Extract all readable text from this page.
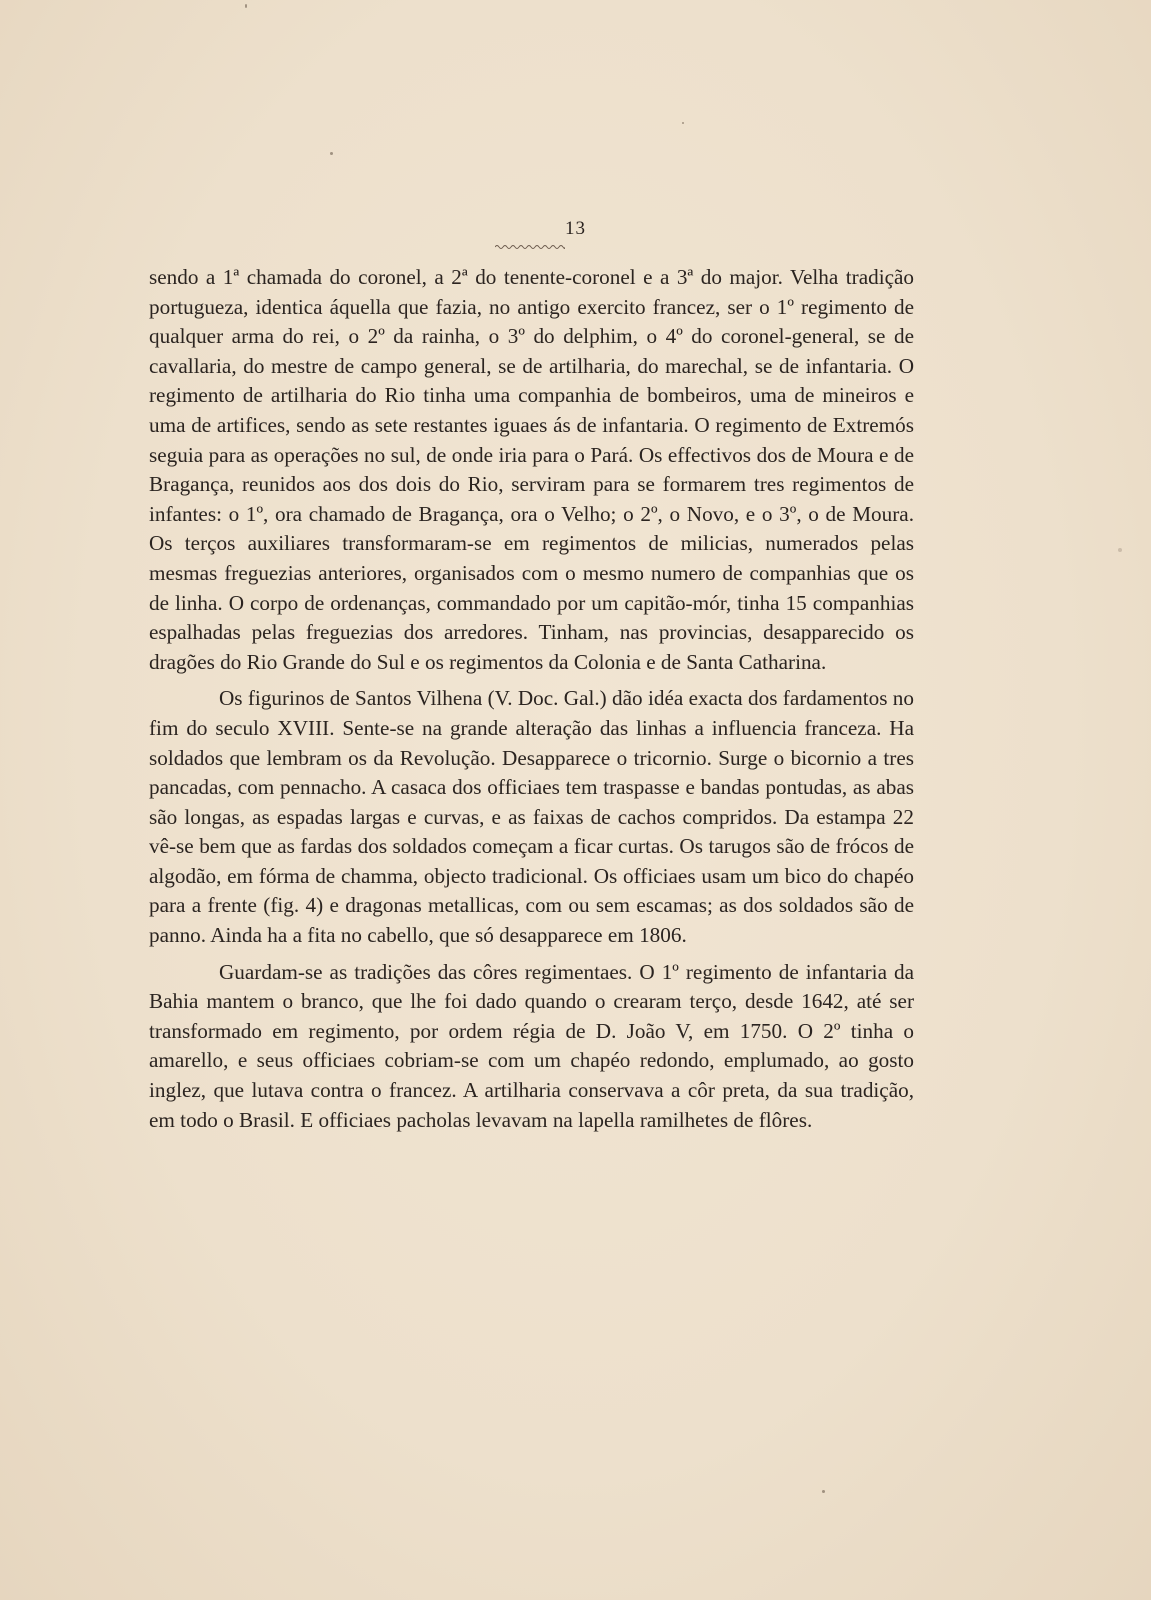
13

sendo a 1ª chamada do coronel, a 2ª do tenente-coronel e a 3ª do major. Velha tradição portugueza, identica áquella que fazia, no antigo exercito francez, ser o 1º regimento de qualquer arma do rei, o 2º da rainha, o 3º do delphim, o 4º do coronel-general, se de cavallaria, do mestre de campo general, se de artilharia, do marechal, se de infantaria. O regimento de artilharia do Rio tinha uma companhia de bombeiros, uma de mineiros e uma de artifices, sendo as sete restantes iguaes ás de infantaria. O regimento de Extremós seguia para as operações no sul, de onde iria para o Pará. Os effectivos dos de Moura e de Bragança, reunidos aos dos dois do Rio, serviram para se formarem tres regimentos de infantes: o 1º, ora chamado de Bragança, ora o Velho; o 2º, o Novo, e o 3º, o de Moura. Os terços auxiliares transformaram-se em regimentos de milicias, numerados pelas mesmas freguezias anteriores, organisados com o mesmo numero de companhias que os de linha. O corpo de ordenanças, commandado por um capitão-mór, tinha 15 companhias espalhadas pelas freguezias dos arredores. Tinham, nas provincias, desapparecido os dragões do Rio Grande do Sul e os regimentos da Colonia e de Santa Catharina.

Os figurinos de Santos Vilhena (V. Doc. Gal.) dão idéa exacta dos fardamentos no fim do seculo XVIII. Sente-se na grande alteração das linhas a influencia franceza. Ha soldados que lembram os da Revolução. Desapparece o tricornio. Surge o bicornio a tres pancadas, com pennacho. A casaca dos officiaes tem traspasse e bandas pontudas, as abas são longas, as espadas largas e curvas, e as faixas de cachos compridos. Da estampa 22 vê-se bem que as fardas dos soldados começam a ficar curtas. Os tarugos são de frócos de algodão, em fórma de chamma, objecto tradicional. Os officiaes usam um bico do chapéo para a frente (fig. 4) e dragonas metallicas, com ou sem escamas; as dos soldados são de panno. Ainda ha a fita no cabello, que só desapparece em 1806.

Guardam-se as tradições das côres regimentaes. O 1º regimento de infantaria da Bahia mantem o branco, que lhe foi dado quando o crearam terço, desde 1642, até ser transformado em regimento, por ordem régia de D. João V, em 1750. O 2º tinha o amarello, e seus officiaes cobriam-se com um chapéo redondo, emplumado, ao gosto inglez, que lutava contra o francez. A artilharia conservava a côr preta, da sua tradição, em todo o Brasil. E officiaes pacholas levavam na lapella ramilhetes de flôres.
